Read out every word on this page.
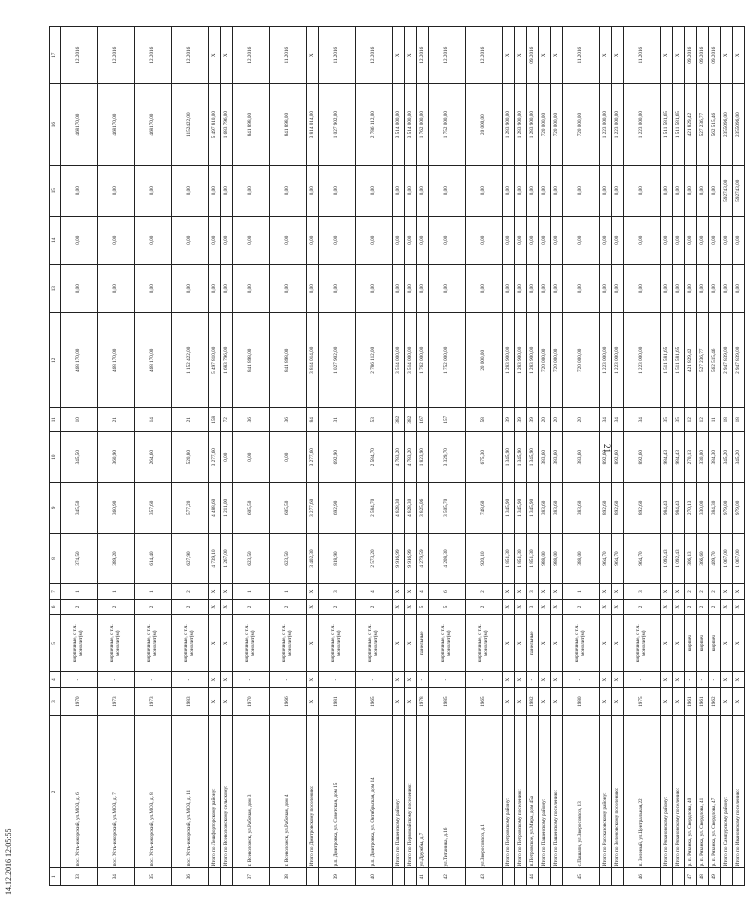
21
14.12.2016 12:05:55	1	2	3	4	5	6	7	8	9	10	11	12	13	14	15	16	17
33	пос. Усть-ижорский, ул.МОЗ, д. 6	1970	-	кирпичные, с т.ч. монолит(м)	2	1	374,50	345,50	345,50	10	468 170,00	0,00	0,00	0,00	468170,00	12.2016
34	пос. Усть-ижорский, ул.МОЗ, д. 7	1973	-	кирпичные, с т.ч. монолит(м)	2	1	389,20	360,90	360,90	21	468 170,00	0,00	0,00	0,00	468170,00	12.2016
35	пос. Усть-ижорский, ул.МОЗ, д. 8	1973	-	кирпичные, с т.ч. монолит(м)	2	1	614,40	357,60	264,60	14	468 170,00	0,00	0,00	0,00	468170,00	12.2016
36	пос. Усть-ижорский, ул.МОЗ, д. 11	1983	-	кирпичные, с т.ч. монолит(м)	2	2	627,90	577,20	520,80	21	1 152 422,00	0,00	0,00	0,00	1152422,00	12.2016
	Итого по Лешфорторскому району:	Х	Х	Х	Х	Х	4 739,10	4 488,60	3 277,60	158	5 497 810,00	0,00	0,00	0,00	5 497 810,00	Х
	Итого по Всеволожскому сельскому:	Х	Х	Х	Х	Х	1 267,00	1 211,00	0,00	72	1 683 796,00	0,00	0,00	0,00	1 683 796,00	Х
37	г. Всеволожск, ул.Рабочая, дом 3	1970	-	кирпичные, с т.ч. монолит(м)	2	1	623,50	605,50	0,00	36	841 898,00	0,00	0,00	0,00	841 898,00	12.2016
38	г. Всеволожск, ул.Рабочая, дом 4	1966	-	кирпичные, с т.ч. монолит(м)	2	1	623,50	605,50	0,00	36	841 898,00	0,00	0,00	0,00	841 898,00	11.2016
	Итого по Дмитровскому поселению:	Х	Х	Х	Х	Х	3 402,30	3 277,60	3 277,60	84	3 814 014,00	0,00	0,00	0,00	3 814 014,00	Х
39	р.п. Дмитровка, ул. Советская, дом 15	1981	-	кирпичные, с т.ч. монолит(м)	2	3	818,90	692,90	692,90	31	1 027 902,00	0,00	0,00	0,00	1 027 902,00	11.2016
40	р.п. Дмитровка, ул. Октябрьская, дом 14	1965	-	кирпичные, с т.ч. монолит(м)	2	4	2 573,20	2 584,70	2 584,70	53	2 786 112,00	0,00	0,00	0,00	2 786 112,00	12.2016
	Итого по Пашенскому району:	Х	Х	Х	Х	Х	9 916,99	4 828,30	4 783,20	382	3 514 000,00	0,00	0,00	0,00	3 514 000,00	Х
	Итого по Первомайскому поселению:	Х	Х	Х	Х	Х	9 916,99	4 828,30	4 783,20	382	3 514 000,00	0,00	0,00	0,00	3 514 000,00	Х
41	ул.Дружбы, д.7	1978	-	панельные	5	4	4 279,59	3 825,06	1 823,90	167	1 762 000,00	0,00	0,00	0,00	1 762 000,00	12.2016
42	ул.Титаника, д.16	1985	-	кирпичные, с т.ч. монолит(м)	5	6	4 208,30	3 505,70	3 329,70	157	1 752 000,00	0,00	0,00	0,00	1 752 000,00	12.2016
43	ул.Зверосовхоз, д.1	1965	-	кирпичные, с т.ч. монолит(м)	2	2	920,10	748,60	675,30	58	20 000,00	0,00	0,00	0,00	20 000,00	12.2016
	Итого по Петровскому району:	Х	Х	Х	Х	Х	1 851,30	1 345,90	1 345,90	39	1 283 900,00	0,00	0,00	0,00	1 283 900,00	Х
	Итого по Петровскому поселению:	Х	Х	Х	Х	Х	1 851,30	1 345,90	1 345,90	39	1 283 900,00	0,00	0,00	0,00	1 283 900,00	Х
44	п.Петровское, ул.Мира, дом 45а	1982	-	панельные	3	3	1 851,30	1 345,90	1 345,90	39	1 283 900,00	0,00	0,00	0,00	1 283 900,00	09.2016
	Итого по Пашенскому району:	Х	Х	Х	Х	Х	988,00	383,60	383,60	20	720 000,00	0,00	0,00	0,00	720 000,00	Х
	Итого по Пашенскому поселению:	Х	Х	Х	Х	Х	988,00	383,60	383,60	20	720 000,00	0,00	0,00	0,00	720 000,00	Х
45	с.Пашапн, ул.Зверосовхоз, 13	1980	-	кирпичные, с т.ч. монолит(м)	2	1	388,00	383,60	383,60	20	720 000,00	0,00	0,00	0,00	720 000,00	11.2016
	Итого по Рассказовскому району:	Х	Х	Х	Х	Х	964,70	892,60	892,60	34	1 223 000,00	0,00	0,00	0,00	1 223 000,00	Х
	Итого по Зеленовскому поселению:	Х	Х	Х	Х	Х	964,70	892,60	892,60	34	1 223 000,00	0,00	0,00	0,00	1 223 000,00	Х
46	п. Зеленый, ул.Центральная,22	1975	-	кирпичные, с т.ч. монолит(м)	2	3	964,70	892,60	892,60	34	1 223 000,00	0,00	0,00	0,00	1 223 000,00	11.2016
	Итого по Рязановскому району:	Х	Х	Х	Х	Х	1 092,43	984,43	984,43	35	1 511 581,65	0,00	0,00	0,00	1 511 581,65	Х
	Итого по Рязановскому поселению:	Х	Х	Х	Х	Х	1 092,43	984,43	984,43	35	1 511 581,65	0,00	0,00	0,00	1 511 581,65	Х
47	р. п. Рязанка, ул. Свердлова, 40	1961	-	кирпич	2	2	306,13	270,13	270,13	12	421 829,42	0,00	0,00	0,00	421 829,42	09.2016
48	р. п. Рязанка, ул. Свердлова, 41	1961	-	кирпич	2	2	366,60	330,00	330,00	12	527 236,77	0,00	0,00	0,00	527 236,77	09.2016
49	р. п. Рязанка, ул. Свердлова, 47	1962	-	кирпич	2	2	409,70	384,30	384,30	11	562 515,46	0,00	0,00	0,00	562 515,46	09.2016
	Итого по Сампурскому району:	Х	Х	Х	Х	Х	1 067,00	979,00	345,20	18	2 947 839,00	0,00	0,00	592743,00	2355096,00	Х
	Итого по Ивановскому поселению:	Х	Х	Х	Х	Х	1 067,00	979,00	345,20	18	2 947 839,00	0,00	0,00	592743,00	2355096,00	Х
